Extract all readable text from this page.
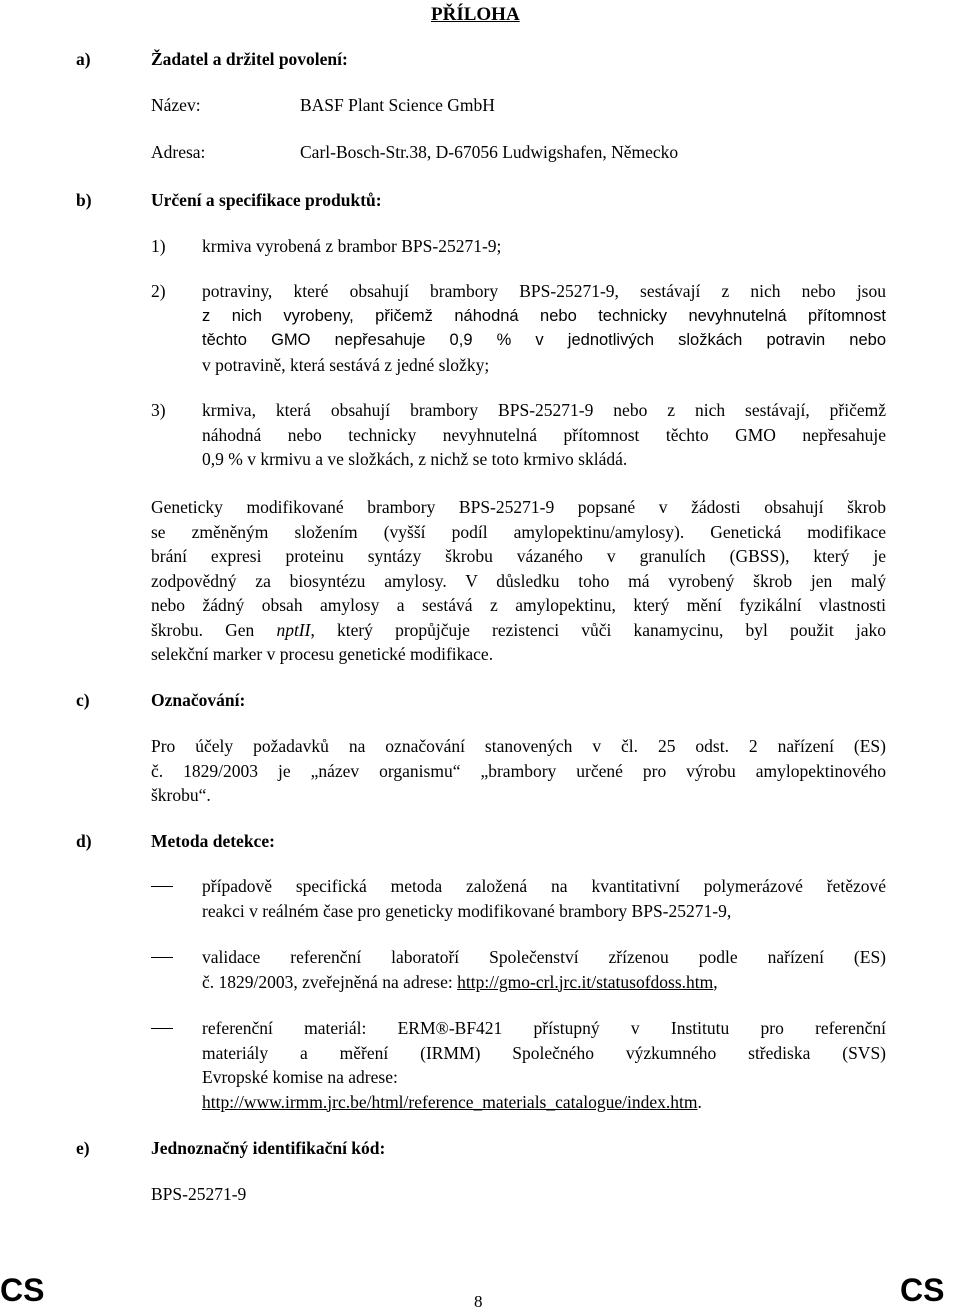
PŘÍLOHA
a)	Žadatel a držitel povolení:
Název:	BASF Plant Science GmbH
Adresa:	Carl-Bosch-Str.38, D-67056 Ludwigshafen, Německo
b)	Určení a specifikace produktů:
1) krmiva vyrobená z brambor BPS-25271-9;
2) potraviny, které obsahují brambory BPS-25271-9, sestávají z nich nebo jsou
z nich vyrobeny, přičemž náhodná nebo technicky nevyhnutelná přítomnost
těchto GMO nepřesahuje 0,9 % v jednotlivých složkách potravin nebo
v potravině, která sestává z jedné složky;
3) krmiva, která obsahují brambory BPS-25271-9 nebo z nich sestávají, přičemž
náhodná nebo technicky nevyhnutelná přítomnost těchto GMO nepřesahuje
0,9 % v krmivu a ve složkách, z nichž se toto krmivo skládá.
Geneticky modifikované brambory BPS-25271-9 popsané v žádosti obsahují škrob
se změněným složením (vyšší podíl amylopektinu/amylosy). Genetická modifikace
brání expresi proteinu syntázy škrobu vázaného v granulích (GBSS), který je
zodpovědný za biosyntézu amylosy. V důsledku toho má vyrobený škrob jen malý
nebo žádný obsah amylosy a sestává z amylopektinu, který mění fyzikální vlastnosti
škrobu. Gen nptII, který propůjčuje rezistenci vůči kanamycinu, byl použit jako
selekční marker v procesu genetické modifikace.
c)	Označování:
Pro účely požadavků na označování stanovených v čl. 25 odst. 2 nařízení (ES)
č. 1829/2003 je „název organismu“ „brambory určené pro výrobu amylopektinového
škrobu“.
d)	Metoda detekce:
případově specifická metoda založená na kvantitativní polymerázové řetězové
reakci v reálném čase pro geneticky modifikované brambory BPS-25271-9,
validace referenční laboratoří Společenství zřízenou podle nařízení (ES)
č. 1829/2003, zveřejněná na adrese: http://gmo-crl.jrc.it/statusofdoss.htm,
referenční materiál: ERM®-BF421 přístupný v Institutu pro referenční
materiály a měření (IRMM) Společného výzkumného střediska (SVS)
Evropské komise na adrese:
http://www.irmm.jrc.be/html/reference_materials_catalogue/index.htm.
e)	Jednoznačný identifikační kód:
BPS-25271-9
CS	8	CS
